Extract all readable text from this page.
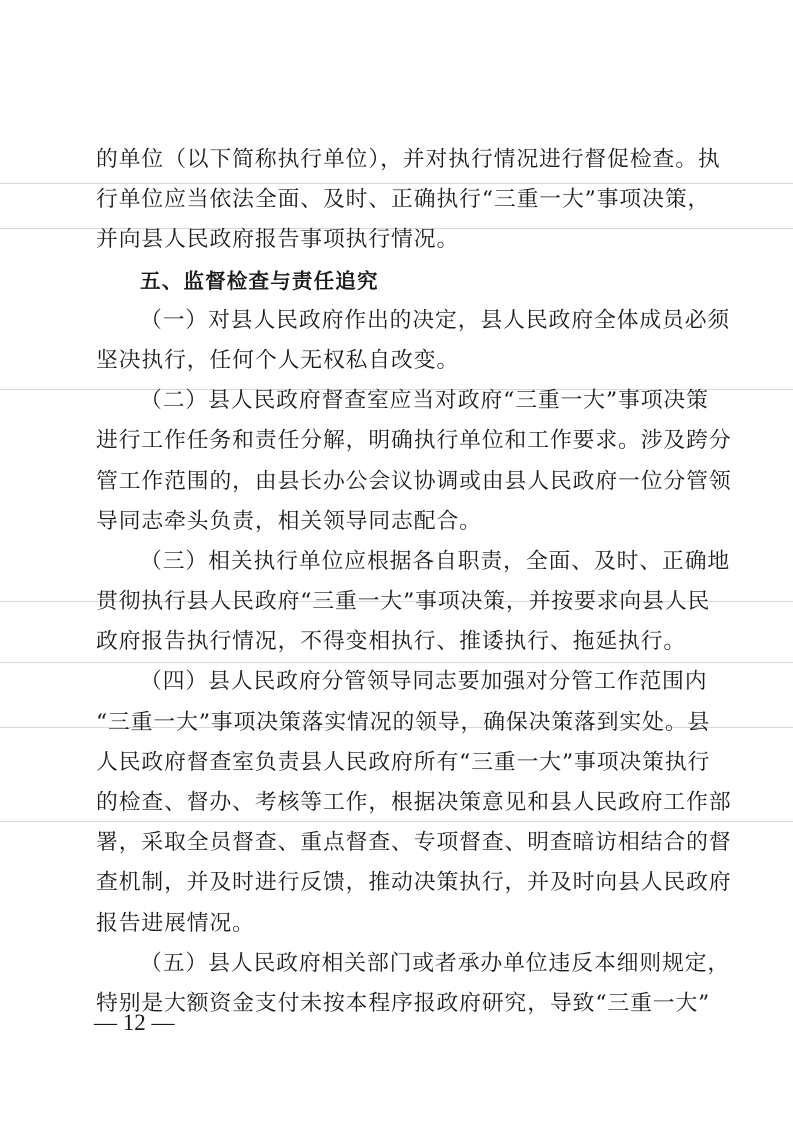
的单位（以下简称执行单位），并对执行情况进行督促检查。执
行单位应当依法全面、及时、正确执行“三重一大”事项决策，
并向县人民政府报告事项执行情况。
五、监督检查与责任追究
（一）对县人民政府作出的决定，县人民政府全体成员必须
坚决执行，任何个人无权私自改变。
（二）县人民政府督查室应当对政府“三重一大”事项决策
进行工作任务和责任分解，明确执行单位和工作要求。涉及跨分
管工作范围的，由县长办公会议协调或由县人民政府一位分管领
导同志牵头负责，相关领导同志配合。
（三）相关执行单位应根据各自职责，全面、及时、正确地
贯彻执行县人民政府“三重一大”事项决策，并按要求向县人民
政府报告执行情况，不得变相执行、推诿执行、拖延执行。
（四）县人民政府分管领导同志要加强对分管工作范围内
“三重一大”事项决策落实情况的领导，确保决策落到实处。县
人民政府督查室负责县人民政府所有“三重一大”事项决策执行
的检查、督办、考核等工作，根据决策意见和县人民政府工作部
署，采取全员督查、重点督查、专项督查、明查暗访相结合的督
查机制，并及时进行反馈，推动决策执行，并及时向县人民政府
报告进展情况。
（五）县人民政府相关部门或者承办单位违反本细则规定，
特别是大额资金支付未按本程序报政府研究，导致“三重一大”
— 12 —
